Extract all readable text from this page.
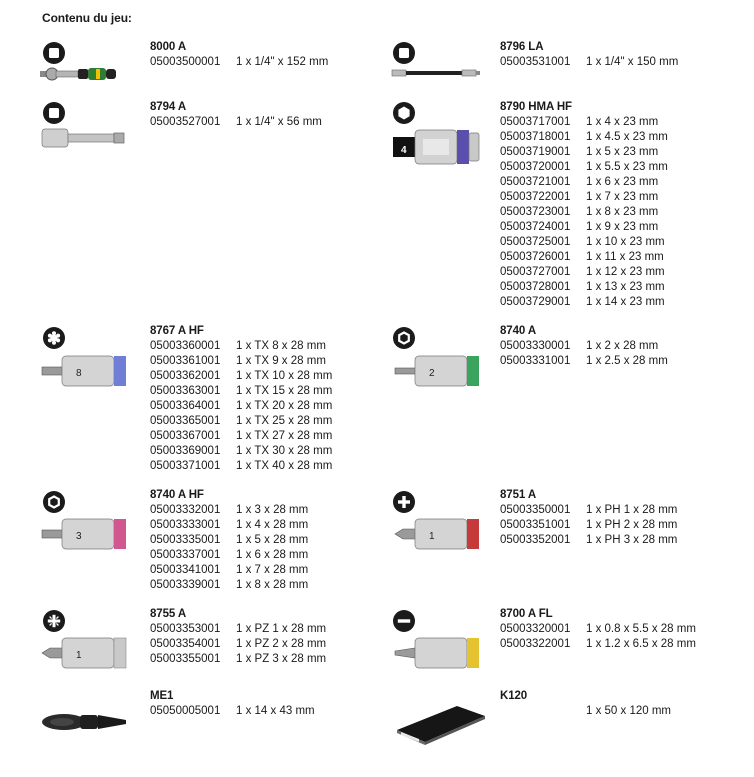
Contenu du jeu:
8000 A
05003500001	1 x 1/4" x 152 mm
8796 LA
05003531001	1 x 1/4" x 150 mm
8794 A
05003527001	1 x 1/4" x 56 mm
4
8790 HMA HF
05003717001	1 x 4 x 23 mm
05003718001	1 x 4.5 x 23 mm
05003719001	1 x 5 x 23 mm
05003720001	1 x 5.5 x 23 mm
05003721001	1 x 6 x 23 mm
05003722001	1 x 7 x 23 mm
05003723001	1 x 8 x 23 mm
05003724001	1 x 9 x 23 mm
05003725001	1 x 10 x 23 mm
05003726001	1 x 11 x 23 mm
05003727001	1 x 12 x 23 mm
05003728001	1 x 13 x 23 mm
05003729001	1 x 14 x 23 mm
8
8767 A HF
05003360001	1 x TX 8 x 28 mm
05003361001	1 x TX 9 x 28 mm
05003362001	1 x TX 10 x 28 mm
05003363001	1 x TX 15 x 28 mm
05003364001	1 x TX 20 x 28 mm
05003365001	1 x TX 25 x 28 mm
05003367001	1 x TX 27 x 28 mm
05003369001	1 x TX 30 x 28 mm
05003371001	1 x TX 40 x 28 mm
2
8740 A
05003330001	1 x 2 x 28 mm
05003331001	1 x 2.5 x 28 mm
3
8740 A HF
05003332001	1 x 3 x 28 mm
05003333001	1 x 4 x 28 mm
05003335001	1 x 5 x 28 mm
05003337001	1 x 6 x 28 mm
05003341001	1 x 7 x 28 mm
05003339001	1 x 8 x 28 mm
1
8751 A
05003350001	1 x PH 1 x 28 mm
05003351001	1 x PH 2 x 28 mm
05003352001	1 x PH 3 x 28 mm
1
8755 A
05003353001	1 x PZ 1 x 28 mm
05003354001	1 x PZ 2 x 28 mm
05003355001	1 x PZ 3 x 28 mm
8700 A FL
05003320001	1 x 0.8 x 5.5 x 28 mm
05003322001	1 x 1.2 x 6.5 x 28 mm
ME1
05050005001	1 x 14 x 43 mm
K120
1 x 50 x 120 mm
